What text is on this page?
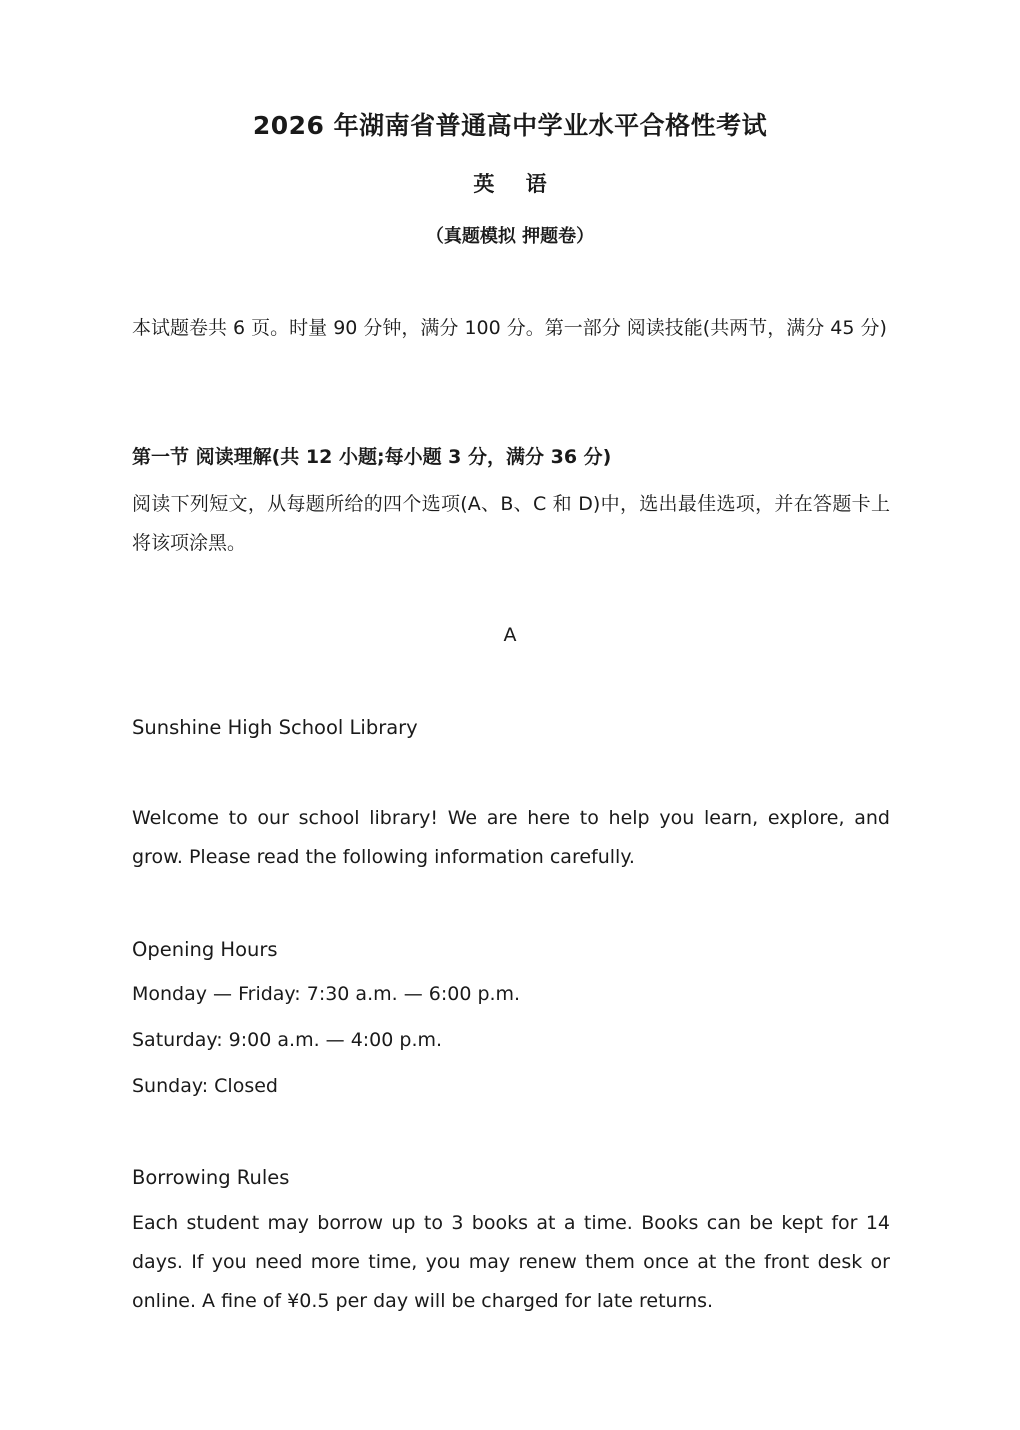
2026 年湖南省普通高中学业水平合格性考试
英 语
（真题模拟 押题卷）

本试题卷共 6 页。时量 90 分钟，满分 100 分。第一部分 阅读技能(共两节，满分 45 分)

第一节 阅读理解(共 12 小题;每小题 3 分，满分 36 分)

阅读下列短文，从每题所给的四个选项(A、B、C 和 D)中，选出最佳选项，并在答题卡上将该项涂黑。

A

Sunshine High School Library

Welcome to our school library! We are here to help you learn, explore, and grow. Please read the following information carefully.

Opening Hours

Monday — Friday: 7:30 a.m. — 6:00 p.m.

Saturday: 9:00 a.m. — 4:00 p.m.

Sunday: Closed

Borrowing Rules

Each student may borrow up to 3 books at a time. Books can be kept for 14 days. If you need more time, you may renew them once at the front desk or online. A fine of ¥0.5 per day will be charged for late returns.
